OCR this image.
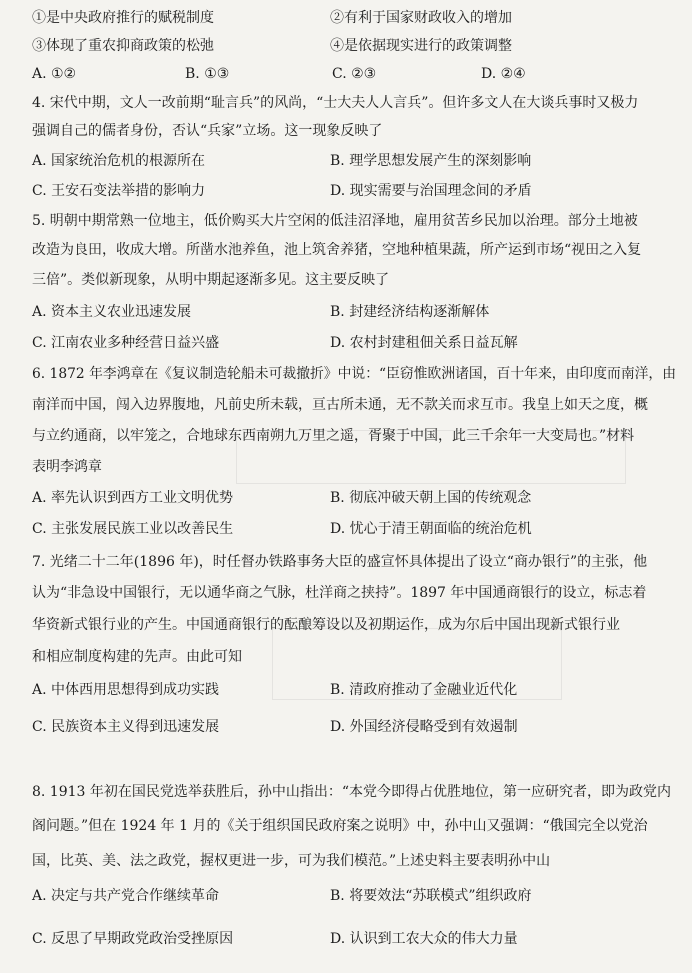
①是中央政府推行的赋税制度	②有利于国家财政收入的增加
③体现了重农抑商政策的松弛	④是依据现实进行的政策调整
A. ①②	B. ①③	C. ②③	D. ②④
4. 宋代中期，文人一改前期“耻言兵”的风尚，“士大夫人人言兵”。但许多文人在大谈兵事时又极力
强调自己的儒者身份，否认“兵家”立场。这一现象反映了
A. 国家统治危机的根源所在	B. 理学思想发展产生的深刻影响
C. 王安石变法举措的影响力	D. 现实需要与治国理念间的矛盾
5. 明朝中期常熟一位地主，低价购买大片空闲的低洼沼泽地，雇用贫苦乡民加以治理。部分土地被
改造为良田，收成大增。所凿水池养鱼，池上筑舍养猪，空地种植果蔬，所产运到市场“视田之入复
三倍”。类似新现象，从明中期起逐渐多见。这主要反映了
A. 资本主义农业迅速发展	B. 封建经济结构逐渐解体
C. 江南农业多种经营日益兴盛	D. 农村封建租佃关系日益瓦解
6. 1872 年李鸿章在《复议制造轮船未可裁撤折》中说：“臣窃惟欧洲诸国，百十年来，由印度而南洋，由
南洋而中国，闯入边界腹地，凡前史所未载，亘古所未通，无不款关而求互市。我皇上如天之度，概
与立约通商，以牢笼之，合地球东西南朔九万里之遥，胥聚于中国，此三千余年一大变局也。”材料
表明李鸿章
A. 率先认识到西方工业文明优势	B. 彻底冲破天朝上国的传统观念
C. 主张发展民族工业以改善民生	D. 忧心于清王朝面临的统治危机
7. 光绪二十二年(1896 年)，时任督办铁路事务大臣的盛宣怀具体提出了设立“商办银行”的主张，他
认为“非急设中国银行，无以通华商之气脉，杜洋商之挟持”。1897 年中国通商银行的设立，标志着
华资新式银行业的产生。中国通商银行的酝酿筹设以及初期运作，成为尔后中国出现新式银行业
和相应制度构建的先声。由此可知
A. 中体西用思想得到成功实践	B. 清政府推动了金融业近代化
C. 民族资本主义得到迅速发展	D. 外国经济侵略受到有效遏制
8. 1913 年初在国民党选举获胜后，孙中山指出：“本党今即得占优胜地位，第一应研究者，即为政党内
阁问题。”但在 1924 年 1 月的《关于组织国民政府案之说明》中，孙中山又强调：“俄国完全以党治
国，比英、美、法之政党，握权更进一步，可为我们模范。”上述史料主要表明孙中山
A. 决定与共产党合作继续革命	B. 将要效法“苏联模式”组织政府
C. 反思了早期政党政治受挫原因	D. 认识到工农大众的伟大力量
